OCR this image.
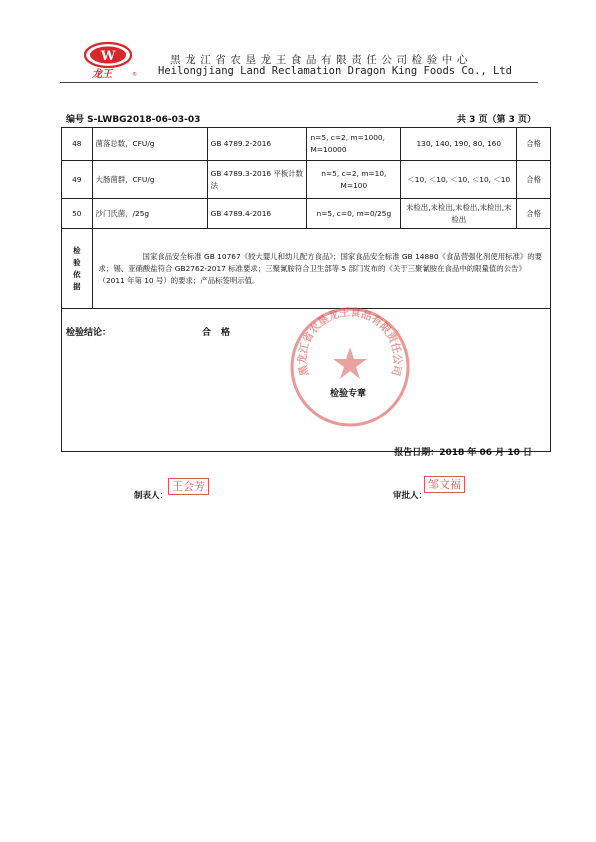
W
龙王	®
黑龙江省农垦龙王食品有限责任公司检验中心
Heilongjiang Land Reclamation Dragon King Foods Co., Ltd
编号 S-LWBG2018-06-03-03	共 3 页（第 3 页）
48	菌落总数，CFU/g	GB 4789.2-2016	n=5, c=2, m=1000, M=10000	130, 140, 190, 80, 160	合格
49	大肠菌群，CFU/g	GB 4789.3-2016 平板计数法	n=5, c=2, m=10, M=100	＜10, ＜10, ＜10, ＜10, ＜10	合格
50	沙门氏菌，/25g	GB 4789.4-2016	n=5, c=0, m=0/25g	未检出,未检出,未检出,未检出,未检出	合格

检
验
依
据	国家食品安全标准 GB 10767《较大婴儿和幼儿配方食品》；国家食品安全标准 GB 14880《食品营强化剂使用标准》的要求；锡、亚硝酸盐符合 GB2762-2017 标准要求；三聚氰胺符合卫生部等 5 部门发布的《关于三聚氰胺在食品中的限量值的公告》（2011 年第 10 号）的要求；产品标签明示值。				

黑龙江省农垦龙王食品有限责任公司
检验结论：	合格
检验专章
报告日期：2018 年 06 月 10 日
制表人：
王会芳
审批人：
邹文福
